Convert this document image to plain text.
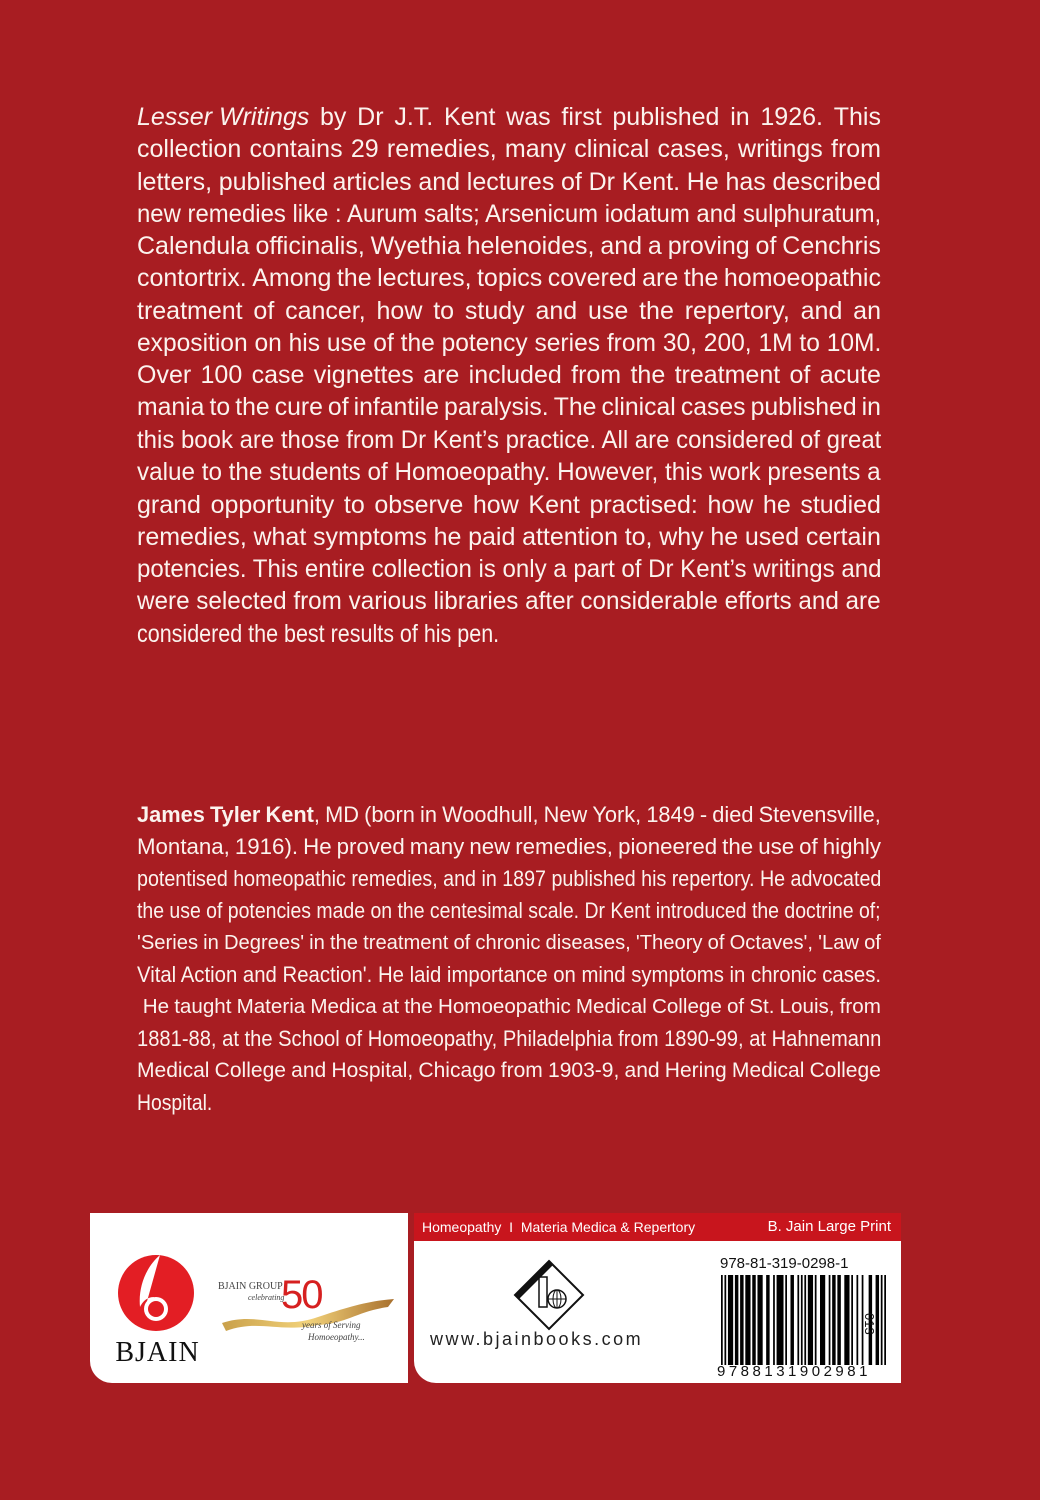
Lesser Writings by Dr J.T. Kent was first published in 1926. This
collection contains 29 remedies, many clinical cases, writings from
letters, published articles and lectures of Dr Kent. He has described
new remedies like : Aurum salts; Arsenicum iodatum and sulphuratum,
Calendula officinalis, Wyethia helenoides, and a proving of Cenchris
contortrix. Among the lectures, topics covered are the homoeopathic
treatment of cancer, how to study and use the repertory, and an
exposition on his use of the potency series from 30, 200, 1M to 10M.
Over 100 case vignettes are included from the treatment of acute
mania to the cure of infantile paralysis. The clinical cases published in
this book are those from Dr Kent’s practice. All are considered of great
value to the students of Homoeopathy. However, this work presents a
grand opportunity to observe how Kent practised: how he studied
remedies, what symptoms he paid attention to, why he used certain
potencies. This entire collection is only a part of Dr Kent’s writings and
were selected from various libraries after considerable efforts and are
considered the best results of his pen.
James Tyler Kent, MD (born in Woodhull, New York, 1849 - died Stevensville,
Montana, 1916). He proved many new remedies, pioneered the use of highly
potentised homeopathic remedies, and in 1897 published his repertory. He advocated
the use of potencies made on the centesimal scale. Dr Kent introduced the doctrine of;
'Series in Degrees' in the treatment of chronic diseases, 'Theory of Octaves', 'Law of
Vital Action and Reaction'. He laid importance on mind symptoms in chronic cases.
He taught Materia Medica at the Homoeopathic Medical College of St. Louis, from
1881-88, at the School of Homoeopathy, Philadelphia from 1890-99, at Hahnemann
Medical College and Hospital, Chicago from 1903-9, and Hering Medical College
Hospital.
BJAIN
BJAIN GROUP
celebrating
50
years of Serving
Homoeopathy...
Homeopathy  I  Materia Medica & Repertory	B. Jain Large Print
www.bjainbooks.com
978-81-319-0298-1
9788131902981
013
